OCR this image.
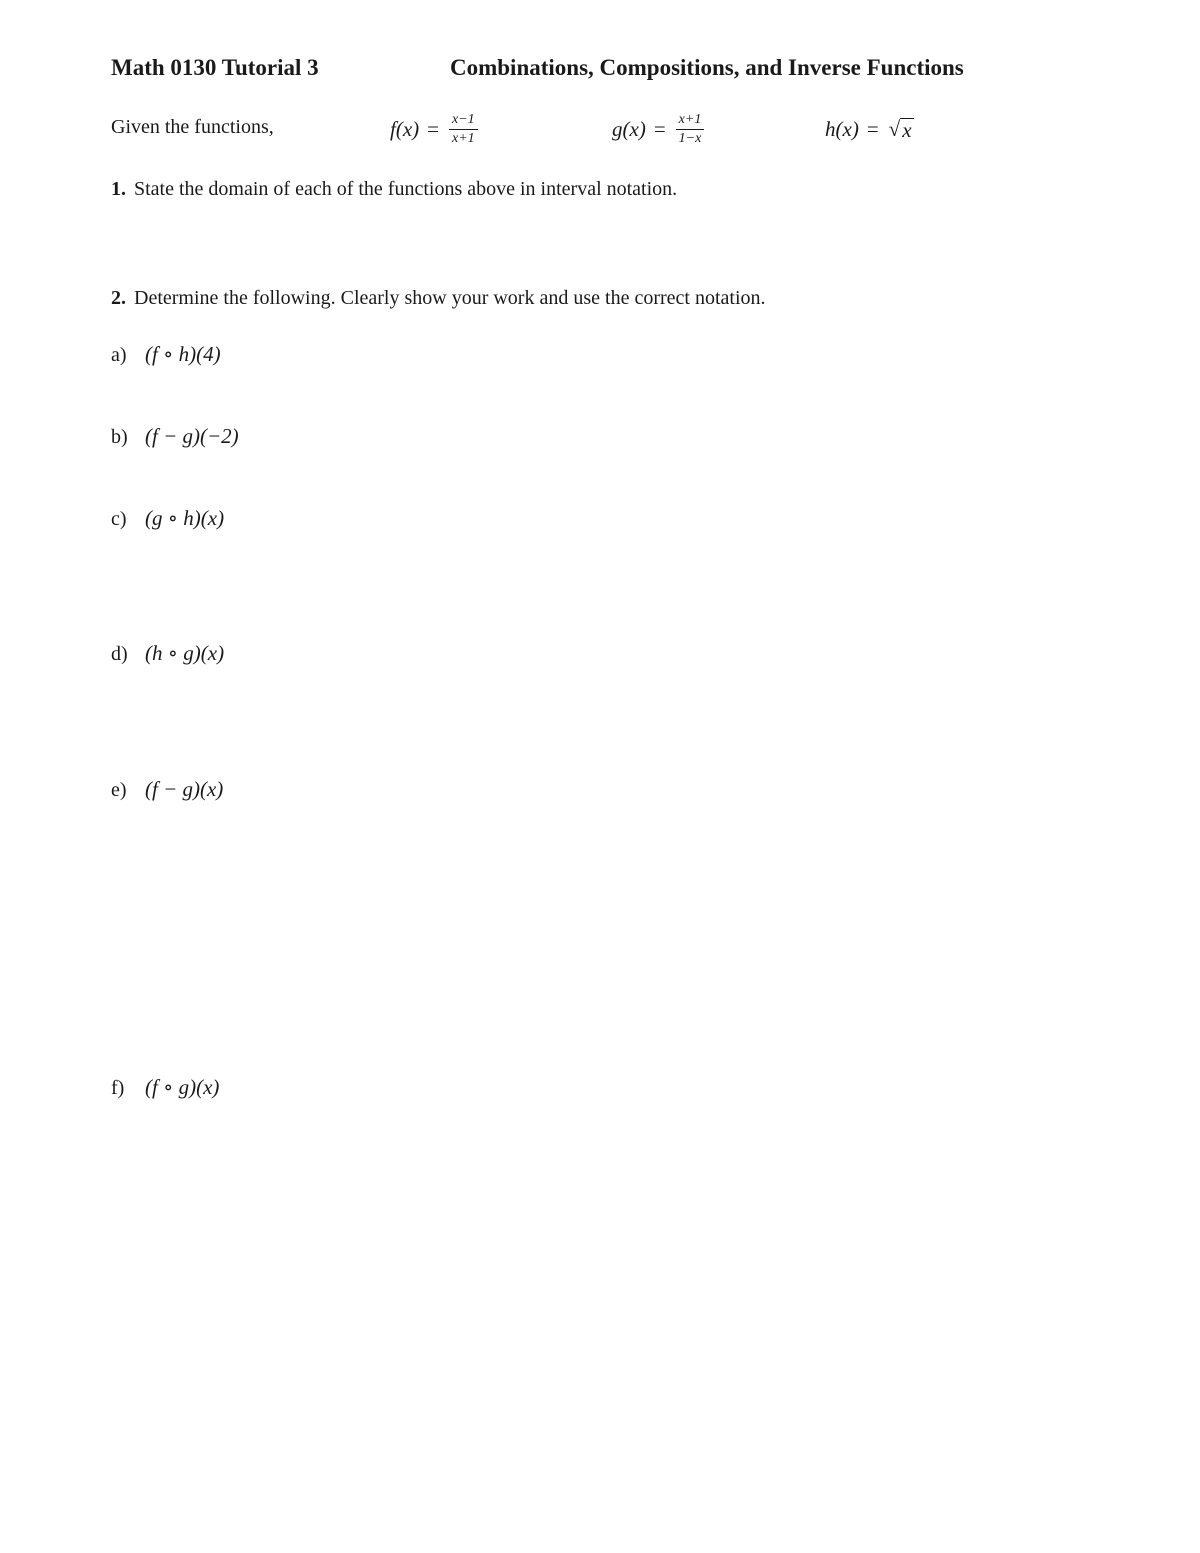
Math 0130 Tutorial 3	Combinations, Compositions, and Inverse Functions
Given the functions,	$f(x) = \frac{x-1}{x+1}$	$g(x) = \frac{x+1}{1-x}$	h(x) = √ x
1. State the domain of each of the functions above in interval notation.
2. Determine the following. Clearly show your work and use the correct notation.
a) (f ∘ h)(4)
b) (f − g)(−2)
c) (g ∘ h)(x)
d) (h ∘ g)(x)
e) (f − g)(x)
f) (f ∘ g)(x)
